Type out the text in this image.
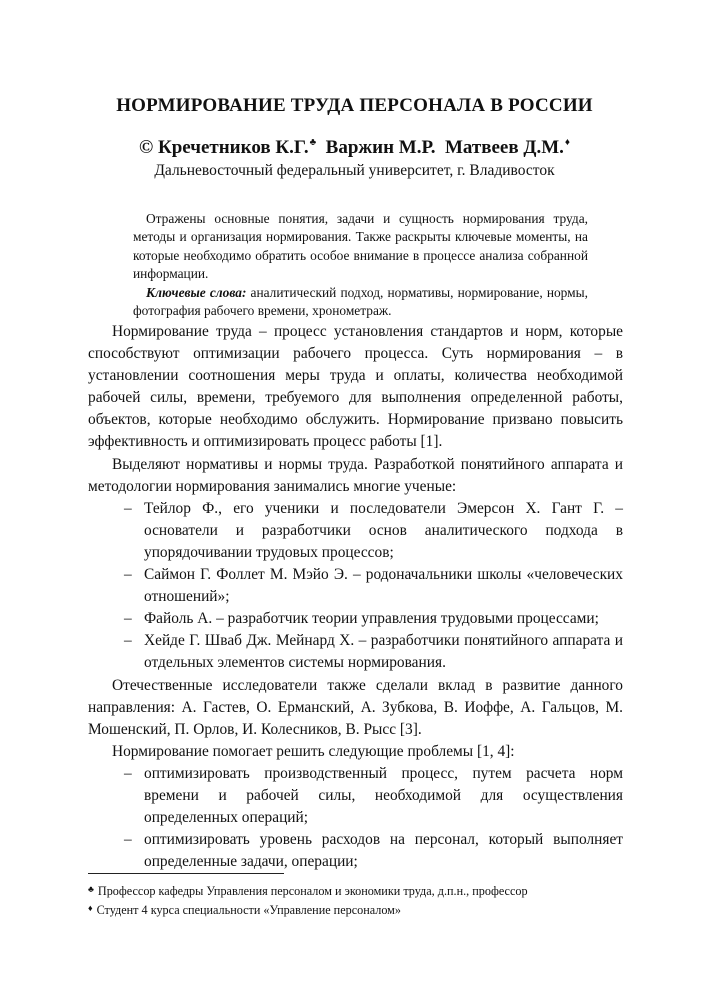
НОРМИРОВАНИЕ ТРУДА ПЕРСОНАЛА В РОССИИ
© Кречетников К.Г.♣ Варжин М.Р. Матвеев Д.М.♦
Дальневосточный федеральный университет, г. Владивосток

Отражены основные понятия, задачи и сущность нормирования труда, методы и организация нормирования. Также раскрыты ключевые моменты, на которые необходимо обратить особое внимание в процессе анализа собранной информации.

Ключевые слова: аналитический подход, нормативы, нормирование, нормы, фотография рабочего времени, хронометраж.

Нормирование труда – процесс установления стандартов и норм, которые способствуют оптимизации рабочего процесса. Суть нормирования – в установлении соотношения меры труда и оплаты, количества необходимой рабочей силы, времени, требуемого для выполнения определенной работы, объектов, которые необходимо обслужить. Нормирование призвано повысить эффективность и оптимизировать процесс работы [1].

Выделяют нормативы и нормы труда. Разработкой понятийного аппарата и методологии нормирования занимались многие ученые:

– Тейлор Ф., его ученики и последователи Эмерсон Х. Гант Г. – основатели и разработчики основ аналитического подхода в упорядочивании трудовых процессов;
– Саймон Г. Фоллет М. Мэйо Э. – родоначальники школы «человеческих отношений»;
– Файоль А. – разработчик теории управления трудовыми процессами;
– Хейде Г. Шваб Дж. Мейнард Х. – разработчики понятийного аппарата и отдельных элементов системы нормирования.

Отечественные исследователи также сделали вклад в развитие данного направления: А. Гастев, О. Ерманский, А. Зубкова, В. Иоффе, А. Гальцов, М. Мошенский, П. Орлов, И. Колесников, В. Рысс [3].

Нормирование помогает решить следующие проблемы [1, 4]:

– оптимизировать производственный процесс, путем расчета норм времени и рабочей силы, необходимой для осуществления определенных операций;
– оптимизировать уровень расходов на персонал, который выполняет определенные задачи, операции;

♣ Профессор кафедры Управления персоналом и экономики труда, д.п.н., профессор

♦ Студент 4 курса специальности «Управление персоналом»
